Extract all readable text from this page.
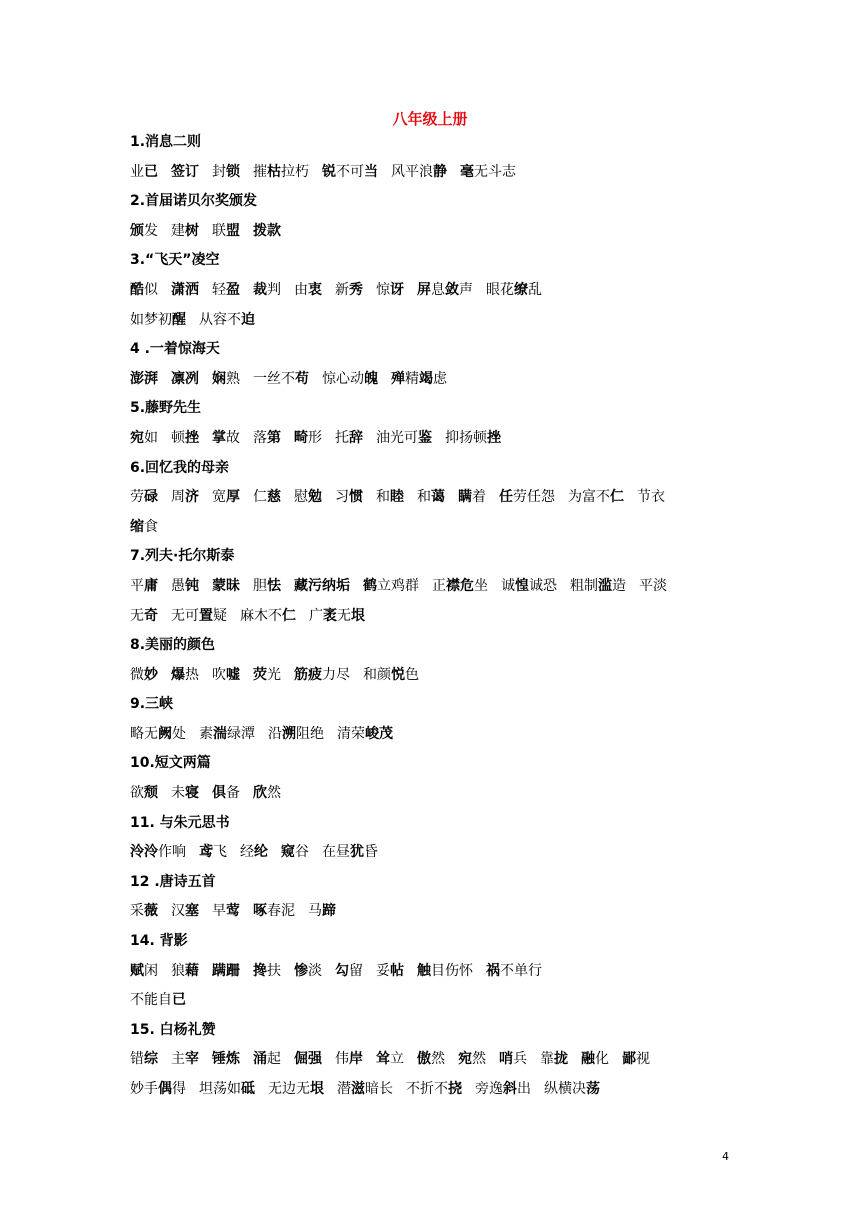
八年级上册
1.消息二则
业已 签订 封锁 摧枯拉朽 锐不可当 风平浪静 毫无斗志
2.首届诺贝尔奖颁发
颁发 建树 联盟 拨款
3.“飞天”凌空
酷似 潇洒 轻盈 裁判 由衷 新秀 惊讶 屏息敛声 眼花缭乱
如梦初醒 从容不迫
4 .一着惊海天
澎湃 凛冽 娴熟 一丝不苟 惊心动魄 殚精竭虑
5.藤野先生
宛如 顿挫 掌故 落第 畸形 托辞 油光可鉴 抑扬顿挫
6.回忆我的母亲
劳碌 周济 宽厚 仁慈 慰勉 习惯 和睦 和蔼 瞒着 任劳任怨 为富不仁 节衣
缩食
7.列夫·托尔斯泰
平庸 愚钝 蒙昧 胆怯 藏污纳垢 鹤立鸡群 正襟危坐 诚惶诚恐 粗制滥造 平淡
无奇 无可置疑 麻木不仁 广袤无垠
8.美丽的颜色
微妙 爆热 吹嘘 荧光 筋疲力尽 和颜悦色
9.三峡
略无阙处 素湍绿潭 沿溯阻绝 清荣峻茂
10.短文两篇
欲颓 未寝 俱备 欣然
11. 与朱元思书
泠泠作响 鸢飞 经纶 窥谷 在昼犹昏
12 .唐诗五首
采薇 汉塞 早莺 啄春泥 马蹄
14. 背影
赋闲 狼藉 蹒跚 搀扶 惨淡 勾留 妥帖 触目伤怀 祸不单行
不能自已
15. 白杨礼赞
错综 主宰 锤炼 涌起 倔强 伟岸 耸立 傲然 宛然 哨兵 靠拢 融化 鄙视
妙手偶得 坦荡如砥 无边无垠 潜滋暗长 不折不挠 旁逸斜出 纵横决荡
4
